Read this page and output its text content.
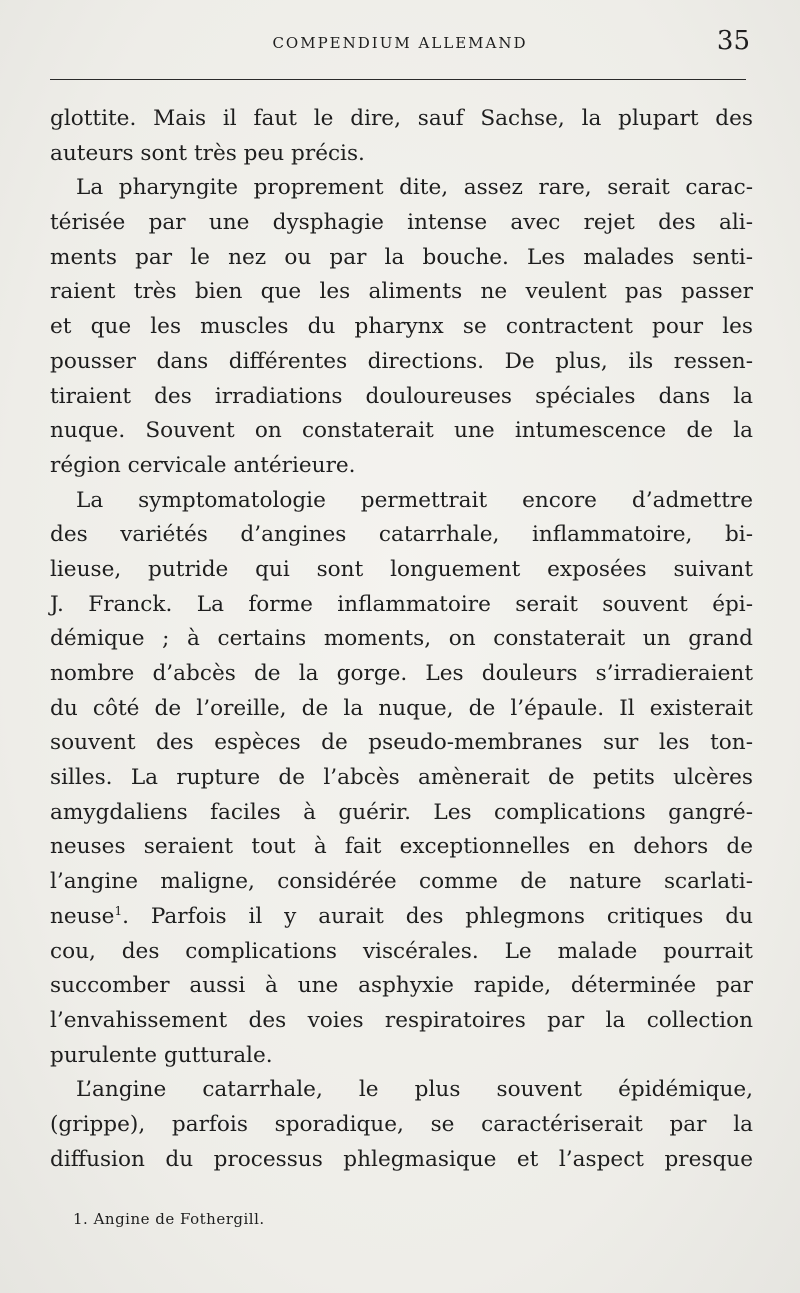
COMPENDIUM ALLEMAND	35
glottite. Mais il faut le dire, sauf Sachse, la plupart des
auteurs sont très peu précis.
La pharyngite proprement dite, assez rare, serait carac-
térisée par une dysphagie intense avec rejet des ali-
ments par le nez ou par la bouche. Les malades senti-
raient très bien que les aliments ne veulent pas passer
et que les muscles du pharynx se contractent pour les
pousser dans différentes directions. De plus, ils ressen-
tiraient des irradiations douloureuses spéciales dans la
nuque. Souvent on constaterait une intumescence de la
région cervicale antérieure.
La symptomatologie permettrait encore d’admettre
des variétés d’angines catarrhale, inflammatoire, bi-
lieuse, putride qui sont longuement exposées suivant
J. Franck. La forme inflammatoire serait souvent épi-
démique ; à certains moments, on constaterait un grand
nombre d’abcès de la gorge. Les douleurs s’irradieraient
du côté de l’oreille, de la nuque, de l’épaule. Il existerait
souvent des espèces de pseudo-membranes sur les ton-
silles. La rupture de l’abcès amènerait de petits ulcères
amygdaliens faciles à guérir. Les complications gangré-
neuses seraient tout à fait exceptionnelles en dehors de
l’angine maligne, considérée comme de nature scarlati-
neuse$^1$. Parfois il y aurait des phlegmons critiques du
cou, des complications viscérales. Le malade pourrait
succomber aussi à une asphyxie rapide, déterminée par
l’envahissement des voies respiratoires par la collection
purulente gutturale.
L’angine catarrhale, le plus souvent épidémique,
(grippe), parfois sporadique, se caractériserait par la
diffusion du processus phlegmasique et l’aspect presque
1. Angine de Fothergill.
